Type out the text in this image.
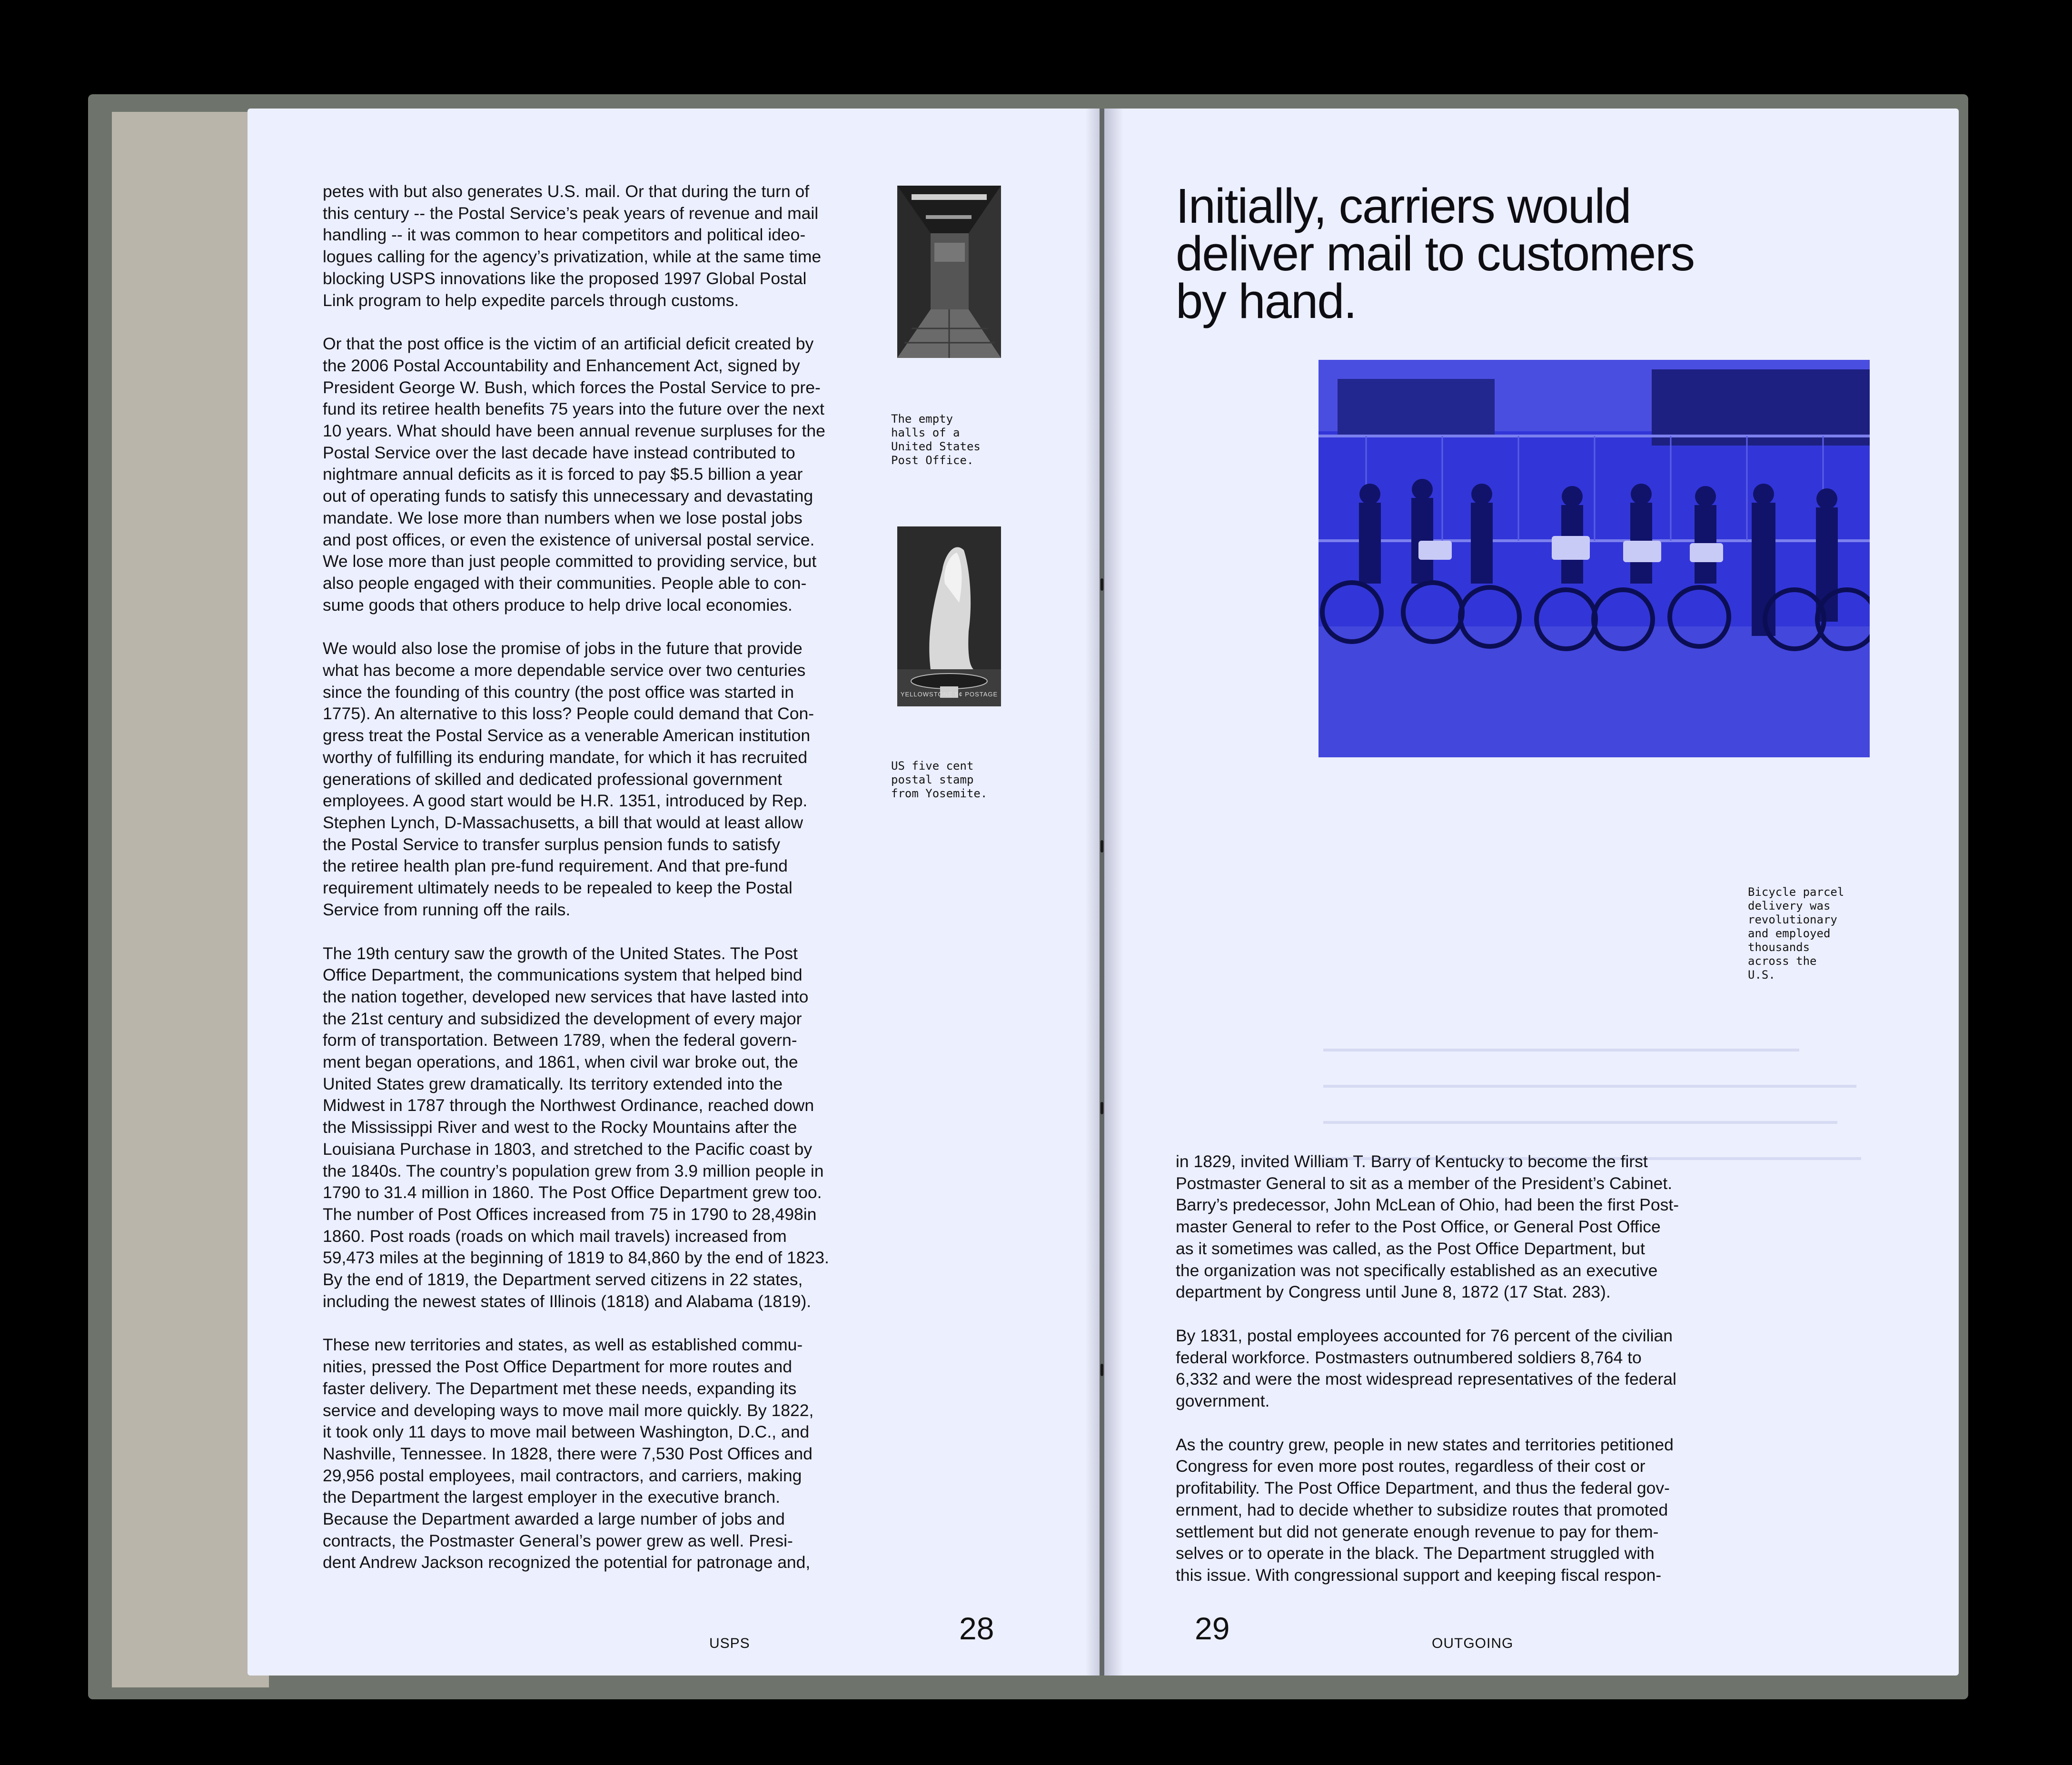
petes with but also generates U.S. mail. Or that during the turn of
this century -- the Postal Service’s peak years of revenue and mail
handling -- it was common to hear competitors and political ideo-
logues calling for the agency’s privatization, while at the same time
blocking USPS innovations like the proposed 1997 Global Postal
Link program to help expedite parcels through customs.

Or that the post office is the victim of an artificial deficit created by
the 2006 Postal Accountability and Enhancement Act, signed by
President George W. Bush, which forces the Postal Service to pre-
fund its retiree health benefits 75 years into the future over the next
10 years. What should have been annual revenue surpluses for the
Postal Service over the last decade have instead contributed to
nightmare annual deficits as it is forced to pay $5.5 billion a year
out of operating funds to satisfy this unnecessary and devastating
mandate. We lose more than numbers when we lose postal jobs
and post offices, or even the existence of universal postal service.
We lose more than just people committed to providing service, but
also people engaged with their communities. People able to con-
sume goods that others produce to help drive local economies.

We would also lose the promise of jobs in the future that provide
what has become a more dependable service over two centuries
since the founding of this country (the post office was started in
1775). An alternative to this loss? People could demand that Con-
gress treat the Postal Service as a venerable American institution
worthy of fulfilling its enduring mandate, for which it has recruited
generations of skilled and dedicated professional government
employees. A good start would be H.R. 1351, introduced by Rep.
Stephen Lynch, D-Massachusetts, a bill that would at least allow
the Postal Service to transfer surplus pension funds to satisfy
the retiree health plan pre-fund requirement. And that pre-fund
requirement ultimately needs to be repealed to keep the Postal
Service from running off the rails.

The 19th century saw the growth of the United States. The Post
Office Department, the communications system that helped bind
the nation together, developed new services that have lasted into
the 21st century and subsidized the development of every major
form of transportation. Between 1789, when the federal govern-
ment began operations, and 1861, when civil war broke out, the
United States grew dramatically. Its territory extended into the
Midwest in 1787 through the Northwest Ordinance, reached down
the Mississippi River and west to the Rocky Mountains after the
Louisiana Purchase in 1803, and stretched to the Pacific coast by
the 1840s. The country’s population grew from 3.9 million people in
1790 to 31.4 million in 1860. The Post Office Department grew too.
The number of Post Offices increased from 75 in 1790 to 28,498in
1860. Post roads (roads on which mail travels) increased from
59,473 miles at the beginning of 1819 to 84,860 by the end of 1823.
By the end of 1819, the Department served citizens in 22 states,
including the newest states of Illinois (1818) and Alabama (1819).

These new territories and states, as well as established commu-
nities, pressed the Post Office Department for more routes and
faster delivery. The Department met these needs, expanding its
service and developing ways to move mail more quickly. By 1822,
it took only 11 days to move mail between Washington, D.C., and
Nashville, Tennessee. In 1828, there were 7,530 Post Offices and
29,956 postal employees, mail contractors, and carriers, making
the Department the largest employer in the executive branch.
Because the Department awarded a large number of jobs and
contracts, the Postmaster General’s power grew as well. Presi-
dent Andrew Jackson recognized the potential for patronage and,

The empty
halls of a
United States
Post Office.
YELLOWSTONE 5¢ POSTAGE
US five cent
postal stamp
from Yosemite.
USPS	28
Initially, carriers would
deliver mail to customers
by hand.
Bicycle parcel
delivery was
revolutionary
and employed
thousands
across the
U.S.

in 1829, invited William T. Barry of Kentucky to become the first
Postmaster General to sit as a member of the President’s Cabinet.
Barry’s predecessor, John McLean of Ohio, had been the first Post-
master General to refer to the Post Office, or General Post Office
as it sometimes was called, as the Post Office Department, but
the organization was not specifically established as an executive
department by Congress until June 8, 1872 (17 Stat. 283).

By 1831, postal employees accounted for 76 percent of the civilian
federal workforce. Postmasters outnumbered soldiers 8,764 to
6,332 and were the most widespread representatives of the federal
government.

As the country grew, people in new states and territories petitioned
Congress for even more post routes, regardless of their cost or
profitability. The Post Office Department, and thus the federal gov-
ernment, had to decide whether to subsidize routes that promoted
settlement but did not generate enough revenue to pay for them-
selves or to operate in the black. The Department struggled with
this issue. With congressional support and keeping fiscal respon-

29	OUTGOING
